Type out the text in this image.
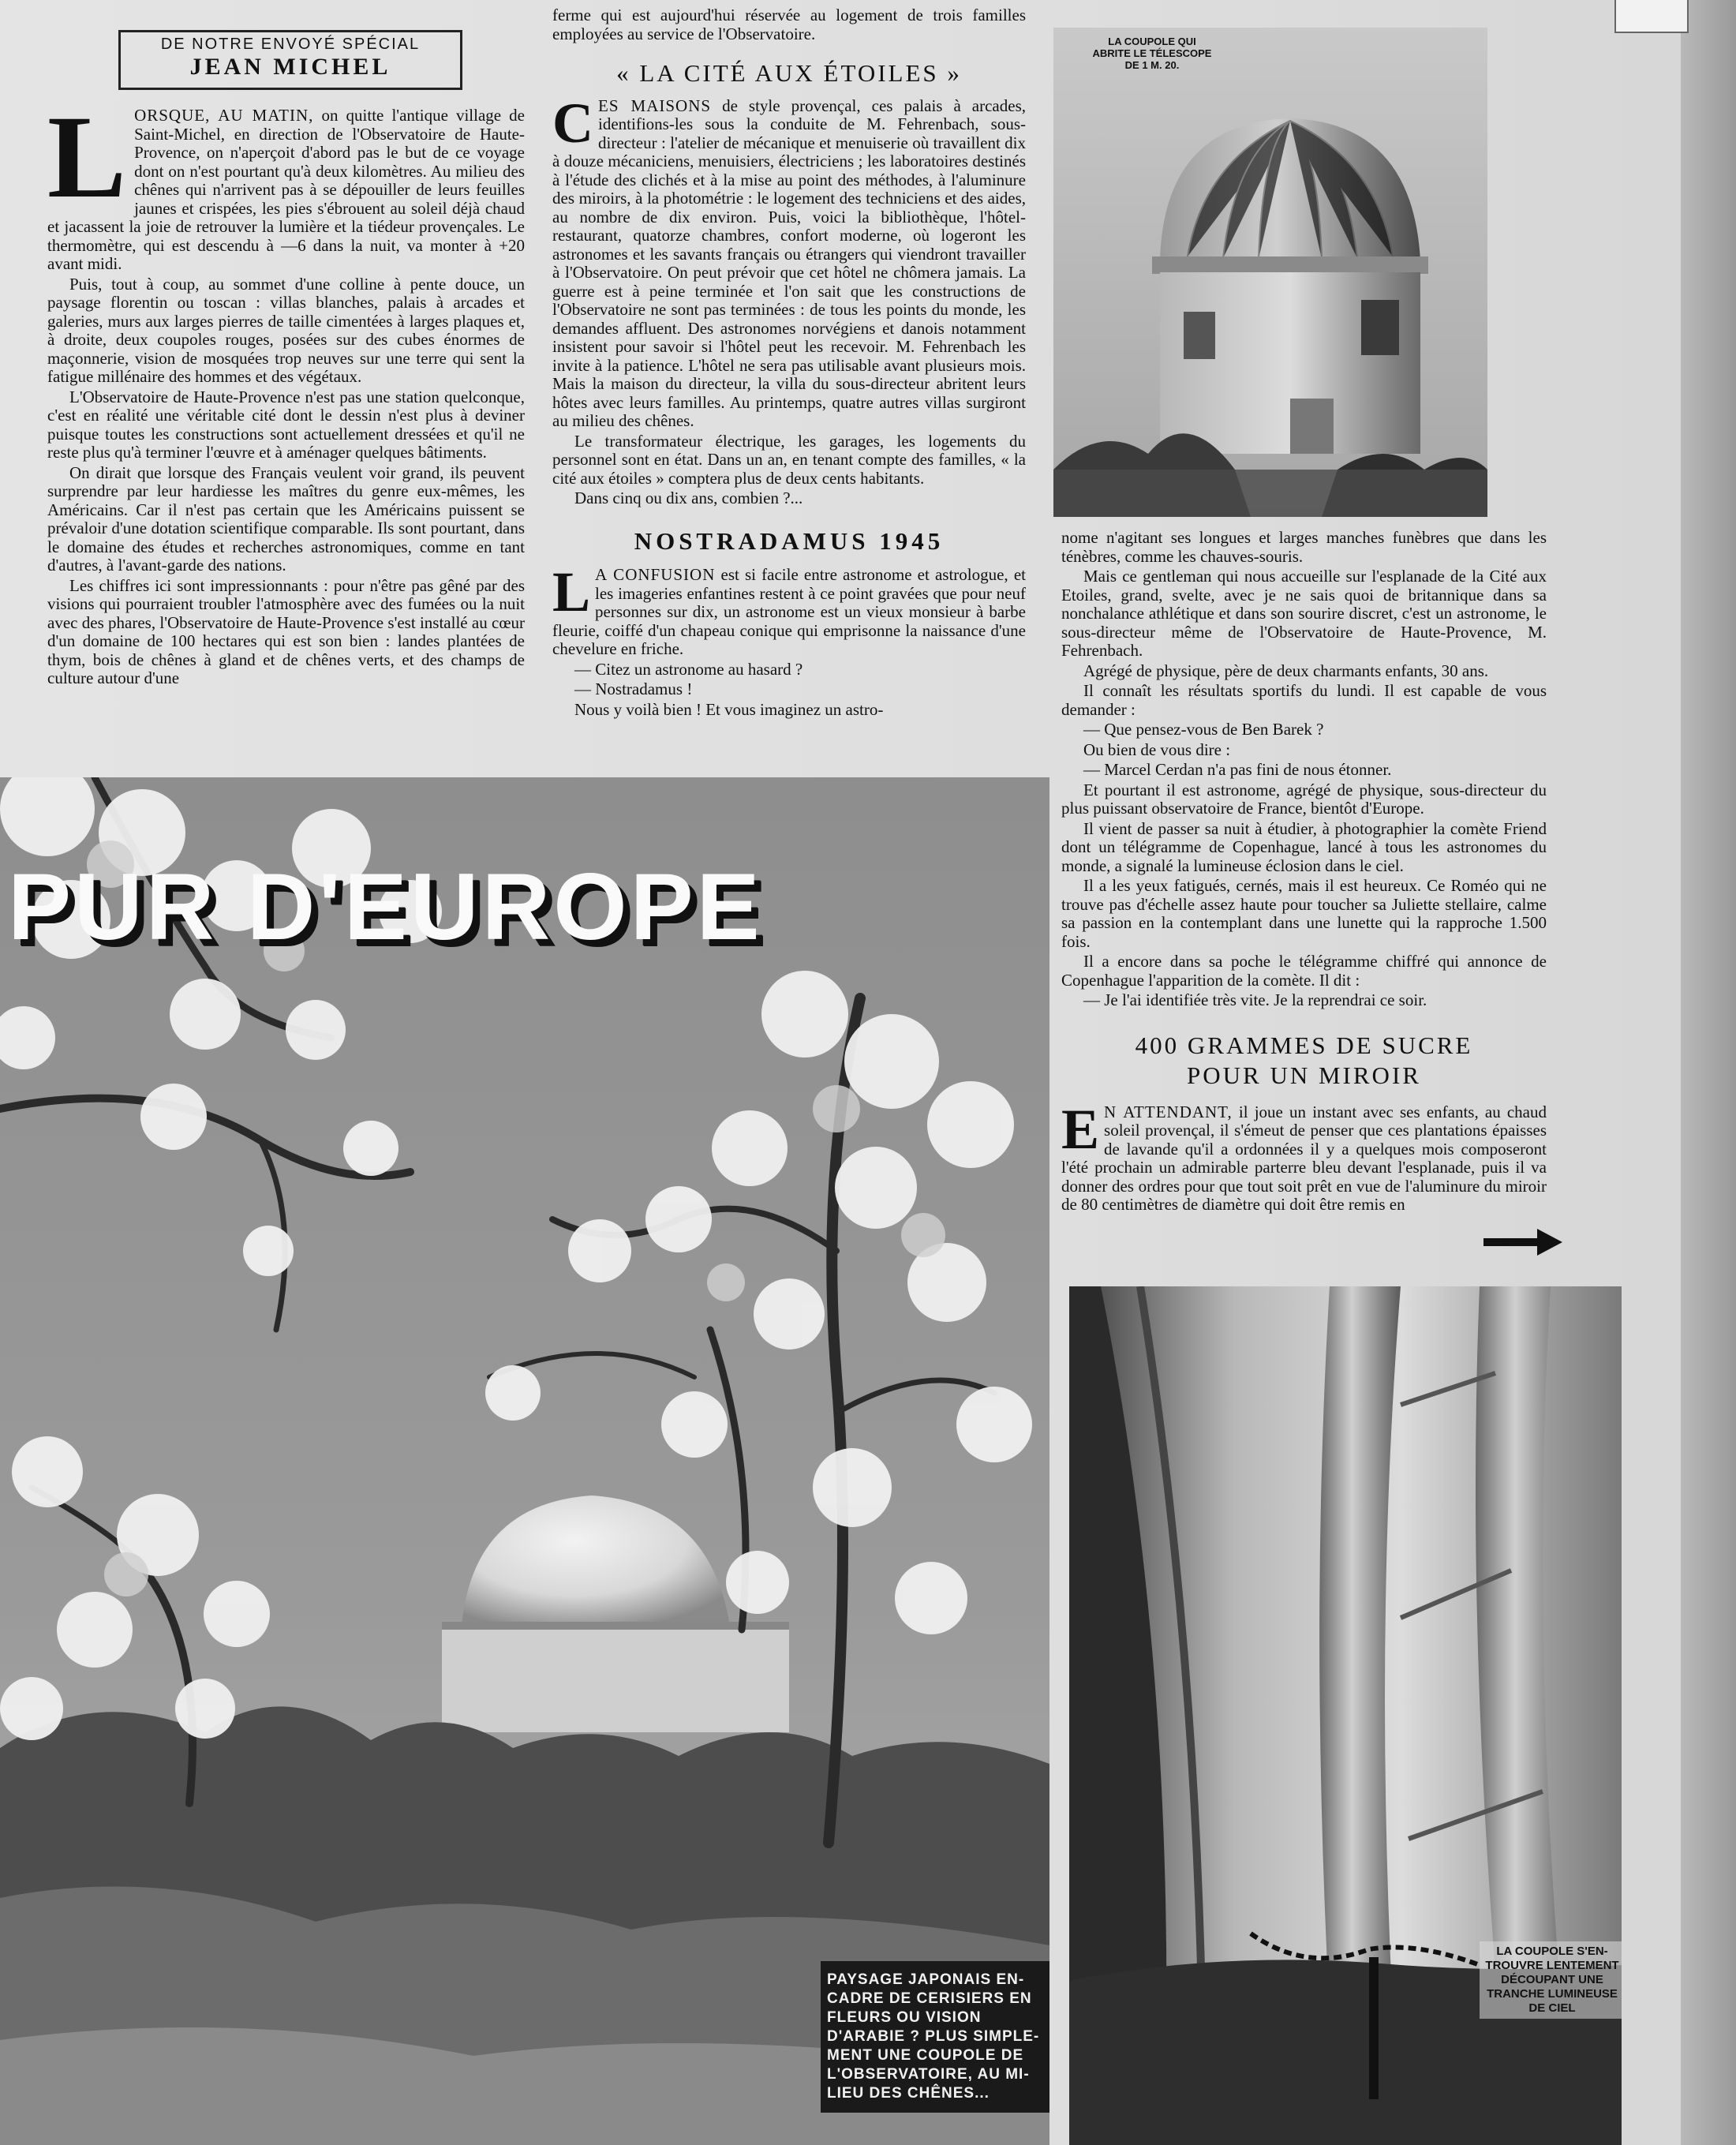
DE NOTRE ENVOYÉ SPÉCIAL
JEAN MICHEL

LORSQUE, AU MATIN, on quitte l'antique village de Saint-Michel, en direction de l'Observatoire de Haute-Provence, on n'aperçoit d'abord pas le but de ce voyage dont on n'est pourtant qu'à deux kilomètres. Au milieu des chênes qui n'arrivent pas à se dépouiller de leurs feuilles jaunes et crispées, les pies s'ébrouent au soleil déjà chaud et jacassent la joie de retrouver la lumière et la tiédeur provençales. Le thermomètre, qui est descendu à —6 dans la nuit, va monter à +20 avant midi.

Puis, tout à coup, au sommet d'une colline à pente douce, un paysage florentin ou toscan : villas blanches, palais à arcades et galeries, murs aux larges pierres de taille cimentées à larges plaques et, à droite, deux coupoles rouges, posées sur des cubes énormes de maçonnerie, vision de mosquées trop neuves sur une terre qui sent la fatigue millénaire des hommes et des végétaux.

L'Observatoire de Haute-Provence n'est pas une station quelconque, c'est en réalité une véritable cité dont le dessin n'est plus à deviner puisque toutes les constructions sont actuellement dressées et qu'il ne reste plus qu'à terminer l'œuvre et à aménager quelques bâtiments.

On dirait que lorsque des Français veulent voir grand, ils peuvent surprendre par leur hardiesse les maîtres du genre eux-mêmes, les Américains. Car il n'est pas certain que les Américains puissent se prévaloir d'une dotation scientifique comparable. Ils sont pourtant, dans le domaine des études et recherches astronomiques, comme en tant d'autres, à l'avant-garde des nations.

Les chiffres ici sont impressionnants : pour n'être pas gêné par des visions qui pourraient troubler l'atmosphère avec des fumées ou la nuit avec des phares, l'Observatoire de Haute-Provence s'est installé au cœur d'un domaine de 100 hectares qui est son bien : landes plantées de thym, bois de chênes à gland et de chênes verts, et des champs de culture autour d'une

ferme qui est aujourd'hui réservée au logement de trois familles employées au service de l'Observatoire.

« LA CITÉ AUX ÉTOILES »

CES MAISONS de style provençal, ces palais à arcades, identifions-les sous la conduite de M. Fehrenbach, sous-directeur : l'atelier de mécanique et menuiserie où travaillent dix à douze mécaniciens, menuisiers, électriciens ; les laboratoires destinés à l'étude des clichés et à la mise au point des méthodes, à l'aluminure des miroirs, à la photométrie : le logement des techniciens et des aides, au nombre de dix environ. Puis, voici la bibliothèque, l'hôtel-restaurant, quatorze chambres, confort moderne, où logeront les astronomes et les savants français ou étrangers qui viendront travailler à l'Observatoire. On peut prévoir que cet hôtel ne chômera jamais. La guerre est à peine terminée et l'on sait que les constructions de l'Observatoire ne sont pas terminées : de tous les points du monde, les demandes affluent. Des astronomes norvégiens et danois notamment insistent pour savoir si l'hôtel peut les recevoir. M. Fehrenbach les invite à la patience. L'hôtel ne sera pas utilisable avant plusieurs mois. Mais la maison du directeur, la villa du sous-directeur abritent leurs hôtes avec leurs familles. Au printemps, quatre autres villas surgiront au milieu des chênes.

Le transformateur électrique, les garages, les logements du personnel sont en état. Dans un an, en tenant compte des familles, « la cité aux étoiles » comptera plus de deux cents habitants.

Dans cinq ou dix ans, combien ?...

NOSTRADAMUS 1945

L A CONFUSION est si facile entre astronome et astrologue, et les imageries enfantines restent à ce point gravées que pour neuf personnes sur dix, un astronome est un vieux monsieur à barbe fleurie, coiffé d'un chapeau conique qui emprisonne la naissance d'une chevelure en friche.

— Citez un astronome au hasard ?

— Nostradamus !

Nous y voilà bien ! Et vous imaginez un astro-

LA COUPOLE QUI
ABRITE LE TÉLESCOPE
DE 1 M. 20.

nome n'agitant ses longues et larges manches funèbres que dans les ténèbres, comme les chauves-souris.

Mais ce gentleman qui nous accueille sur l'esplanade de la Cité aux Etoiles, grand, svelte, avec je ne sais quoi de britannique dans sa nonchalance athlétique et dans son sourire discret, c'est un astronome, le sous-directeur même de l'Observatoire de Haute-Provence, M. Fehrenbach.

Agrégé de physique, père de deux charmants enfants, 30 ans.

Il connaît les résultats sportifs du lundi. Il est capable de vous demander :

— Que pensez-vous de Ben Barek ?

Ou bien de vous dire :

— Marcel Cerdan n'a pas fini de nous étonner.

Et pourtant il est astronome, agrégé de physique, sous-directeur du plus puissant observatoire de France, bientôt d'Europe.

Il vient de passer sa nuit à étudier, à photographier la comète Friend dont un télégramme de Copenhague, lancé à tous les astronomes du monde, a signalé la lumineuse éclosion dans le ciel.

Il a les yeux fatigués, cernés, mais il est heureux. Ce Roméo qui ne trouve pas d'échelle assez haute pour toucher sa Juliette stellaire, calme sa passion en la contemplant dans une lunette qui la rapproche 1.500 fois.

Il a encore dans sa poche le télégramme chiffré qui annonce de Copenhague l'apparition de la comète. Il dit :

— Je l'ai identifiée très vite. Je la reprendrai ce soir.

400 GRAMMES DE SUCRE
POUR UN MIROIR

E N ATTENDANT, il joue un instant avec ses enfants, au chaud soleil provençal, il s'émeut de penser que ces plantations épaisses de lavande qu'il a ordonnées il y a quelques mois composeront l'été prochain un admirable parterre bleu devant l'esplanade, puis il va donner des ordres pour que tout soit prêt en vue de l'aluminure du miroir de 80 centimètres de diamètre qui doit être remis en

PUR D'EUROPE
PAYSAGE JAPONAIS EN-
CADRE DE CERISIERS EN
FLEURS OU VISION
D'ARABIE ? PLUS SIMPLE-
MENT UNE COUPOLE DE
L'OBSERVATOIRE, AU MI-
LIEU DES CHÊNES...
LA COUPOLE S'EN-
TROUVRE LENTEMENT
DÉCOUPANT UNE
TRANCHE LUMINEUSE
DE CIEL
